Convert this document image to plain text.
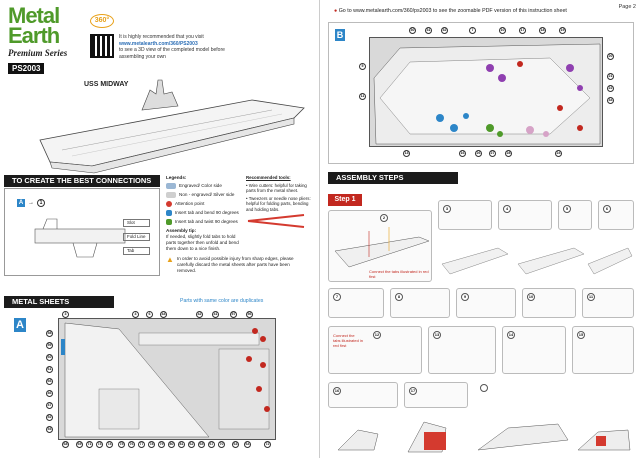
Metal
Earth
Premium Series
PS2003
360°
It is highly recommended that you visit
www.metalearth.com/360/PS2003
to see a 3D view of the completed model before assembling your own
USS MIDWAY
TO CREATE THE BEST CONNECTIONS
A →	1
Slot
Fold Line
Tab
Legends:
Engraved/ Color side
Non - engraved/ Silver side
Attention point
Insert tab and bend 90 degrees
Insert tab and twist 90 degrees
Assembly tip:
If needed, slightly fold tabs to hold parts together then unfold and bend them down to a nice finish.
▲ In order to avoid possible injury from sharp edges, please carefully discard the metal sheets after parts have been removed.
Recommended tools:
• Wire cutters: helpful for taking parts from the metal sheet.
• Tweezers or needle nose pliers: helpful for folding parts, bending and holding tabs.
METAL SHEETS	Parts with same color are duplicates
A
3	4	6	44	42	41	57	56
58
59
60
61
66
46
47
52
53
68	69	71	73	74	75	76	77	78	79	80	81	62	65	67	70	63	64	72
Page 2
● Go to www.metalearth.com/360/ps2003 to see the zoomable PDF version of this instruction sheet
B	30	31	32	7	10	17	18	19
20
5
11
21
22
34
13	16	26	27	28	24
ASSEMBLY STEPS
Step 1
Connect the tabs illustrated in red first
2
3	4	5	6
7	8	9	10	11
Connect the tabs illustrated in red first
12	13	14	15
16	17
